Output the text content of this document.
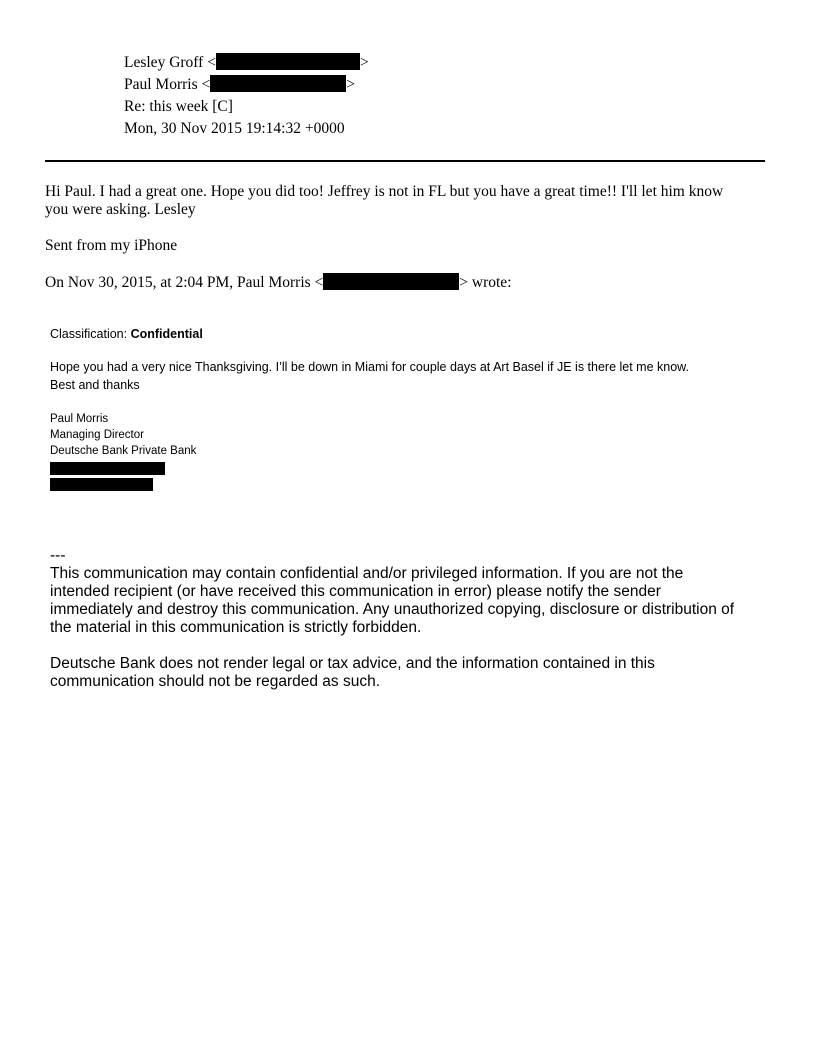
Lesley Groff <	>
Paul Morris <	>
Re: this week [C]
Mon, 30 Nov 2015 19:14:32 +0000
Hi Paul. I had a great one. Hope you did too! Jeffrey is not in FL but you have a great time!! I'll let him know
you were asking. Lesley
Sent from my iPhone
On Nov 30, 2015, at 2:04 PM, Paul Morris <	> wrote:
Classification: Confidential
Hope you had a very nice Thanksgiving. I’ll be down in Miami for couple days at Art Basel if JE is there let me know.
Best and thanks
Paul Morris
Managing Director
Deutsche Bank Private Bank
---
This communication may contain confidential and/or privileged information. If you are not the
intended recipient (or have received this communication in error) please notify the sender
immediately and destroy this communication. Any unauthorized copying, disclosure or distribution of
the material in this communication is strictly forbidden.
Deutsche Bank does not render legal or tax advice, and the information contained in this
communication should not be regarded as such.
